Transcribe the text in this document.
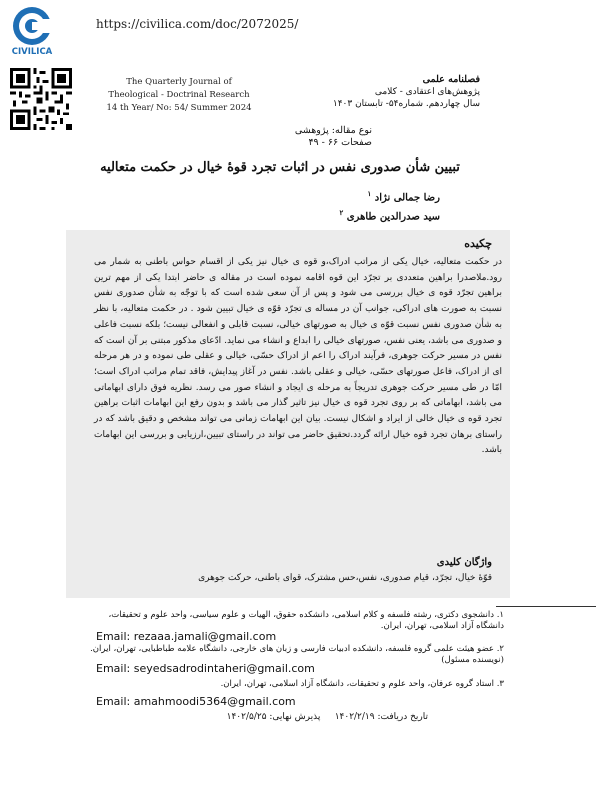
CIVILICA
https://civilica.com/doc/2072025/
The Quarterly Journal of
Theological - Doctrinal Research
14 th Year/ No: 54/ Summer 2024
فصلنامه علمی
پژوهش‌های اعتقادی - کلامی
سال چهاردهم. شماره۵۴- تابستان ۱۴۰۳
نوع مقاله: پژوهشی
صفحات ۶۶ - ۴۹
تبیین شأن صدوری نفس در اثبات تجرد قوۀ خیال در حکمت متعالیه
رضا جمالی نژاد $^۱$
سید صدرالدین طاهری $^۲$
چکیده
در حکمت متعالیه، خیال یکی از مراتب ادراک،و قوه ی خیال نیز یکی از اقسام حواس باطنی به شمار می رود.ملاصدرا براهین متعددی بر تجرّد این قوه اقامه نموده است در مقاله ی حاضر ابتدا یکی از مهم ترین براهین تجرّد قوه ی خیال بررسی می شود و پس از آن سعی شده است که با توجّه به شأن صدوری نفس نسبت به صورت های ادراکی، جوانب آن در مساله ی تجرّد قوّه ی خیال تبیین شود . در حکمت متعالیه، با نظر به شأن صدوری نفس نسبت قوّه ی خیال به صورتهای خیالی، نسبت قابلی و انفعالی نیست؛ بلکه نسبت فاعلی و صدوری می باشد، یعنی نفس، صورتهای خیالی را ابداع و انشاء می نماید. ادّعای مذکور مبتنی بر آن است که نفس در مسیر حرکت جوهری، فرآیند ادراک را اعم از ادراک حسّی، خیالی و عقلی طی نموده و در هر مرحله ای از ادراک، فاعل صورتهای حسّی، خیالی و عقلی باشد. نفس در آغاز پیدایش، فاقد تمام مراتب ادراک است؛ امّا در طی مسیر حرکت جوهری تدریجاً به مرحله ی ایجاد و انشاء صور می رسد. نظریه فوق دارای ابهاماتی می باشد، ابهاماتی که بر روی تجرد قوه ی خیال نیز تاثیر گذار می باشد و بدون رفع این ابهامات اثبات براهین تجرد قوه ی خیال خالی از ایراد و اشکال نیست. بیان این ابهامات زمانی می تواند مشخص و دقیق باشد که در راستای برهان تجرد قوه خیال ارائه گردد.تحقیق حاضر می تواند در راستای تبیین،ارزیابی و بررسی این ابهامات باشد.
واژگان کلیدی
قوّۀ خیال، تجرّد، قیام صدوری، نفس،حس مشترک، قوای باطنی، حرکت جوهری
۱. دانشجوی دکتری، رشته فلسفه و کلام اسلامی، دانشکده حقوق، الهیات و علوم سیاسی، واحد علوم و تحقیقات، دانشگاه آزاد اسلامی، تهران، ایران.
Email: rezaaa.jamali@gmail.com
۲. عضو هیئت علمی گروه فلسفه، دانشکده ادبیات فارسی و زبان های خارجی، دانشگاه علامه طباطبایی، تهران، ایران. (نویسنده مسئول)
Email: seyedsadrodintaheri@gmail.com
۳. استاد گروه عرفان، واحد علوم و تحقیقات، دانشگاه آزاد اسلامی، تهران، ایران.
Email: amahmoodi5364@gmail.com
تاریخ دریافت: ۱۴۰۲/۲/۱۹     پذیرش نهایی: ۱۴۰۲/۵/۲۵
